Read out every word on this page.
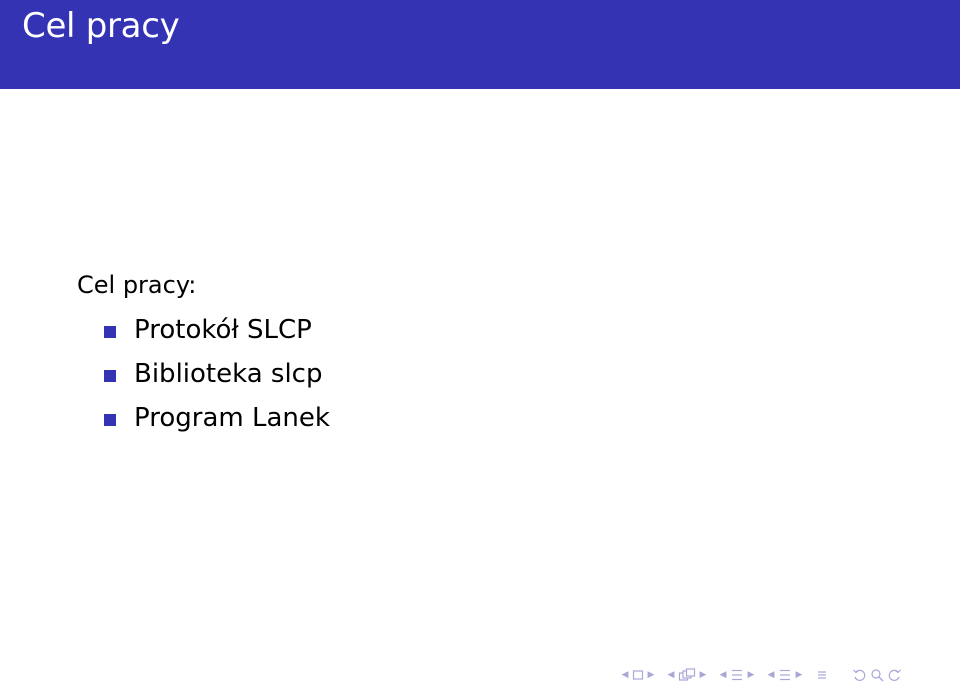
Cel pracy
Cel pracy:
Protokół SLCP
Biblioteka slcp
Program Lanek
◀ ▶ ◀	▶ ◀ ▶ ◀ ▶
